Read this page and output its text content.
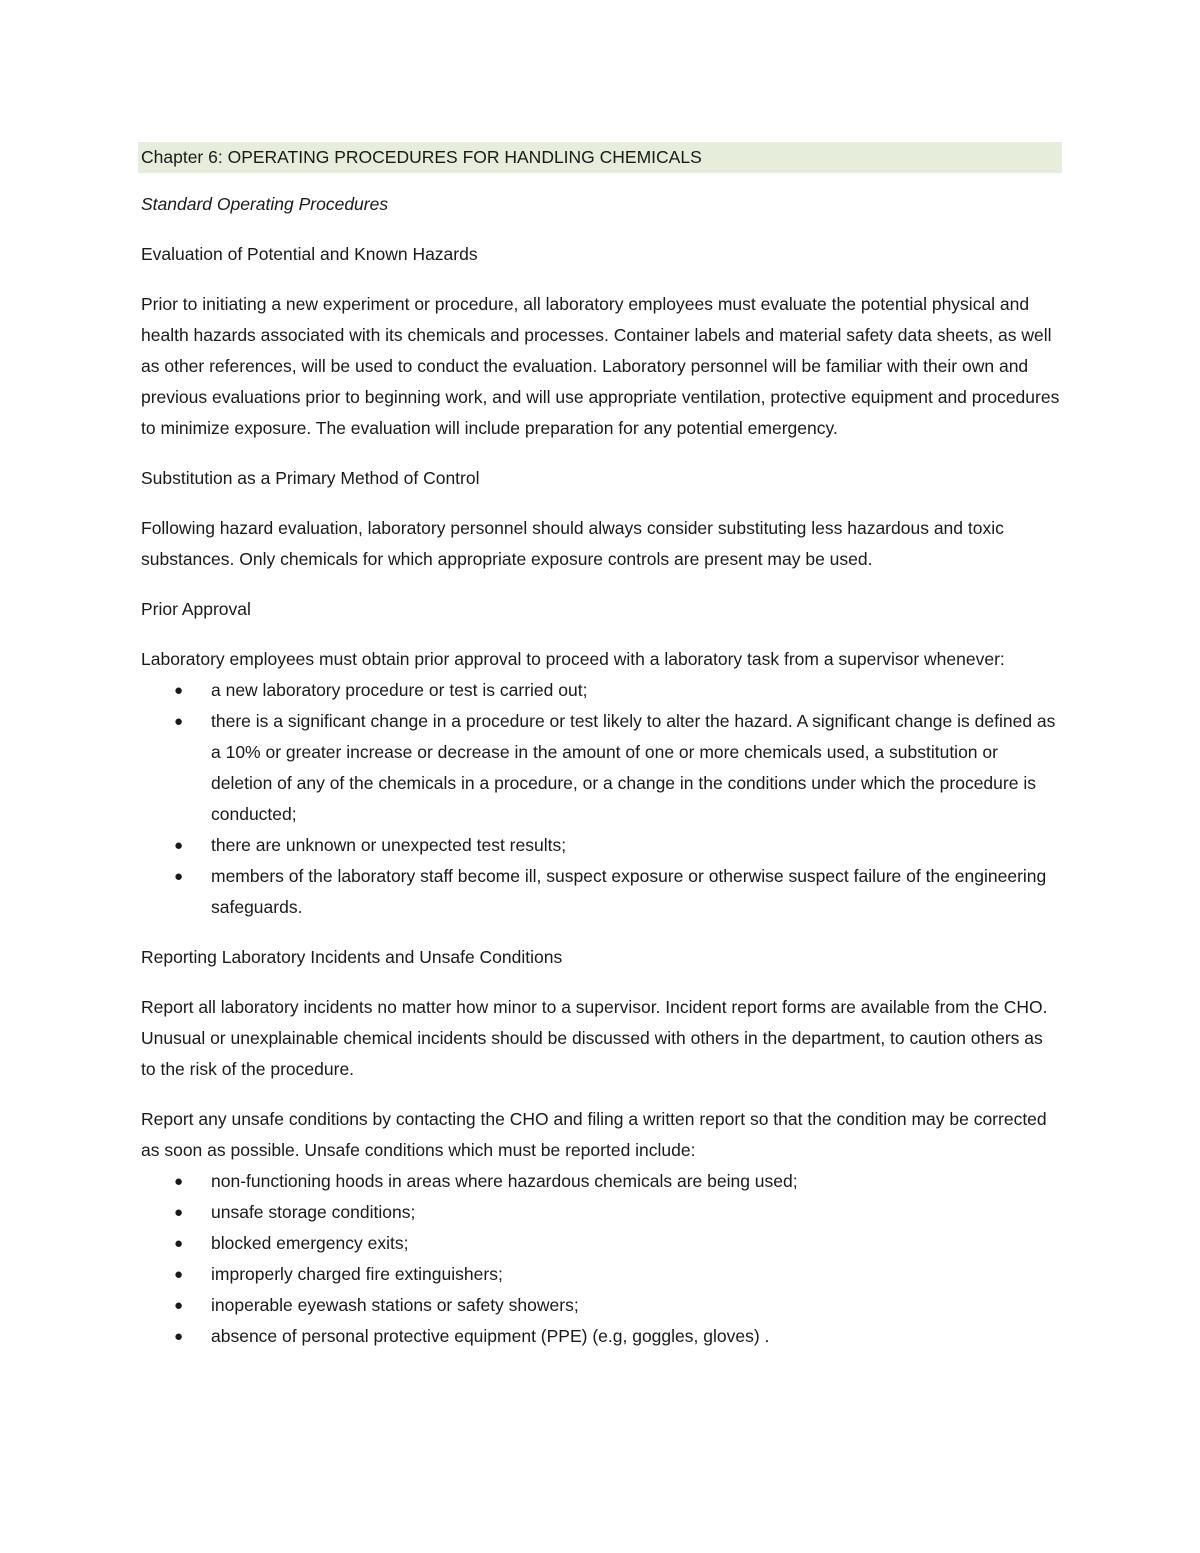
Chapter 6: OPERATING PROCEDURES FOR HANDLING CHEMICALS
Standard Operating Procedures
Evaluation of Potential and Known Hazards
Prior to initiating a new experiment or procedure, all laboratory employees must evaluate the potential physical and health hazards associated with its chemicals and processes. Container labels and material safety data sheets, as well as other references, will be used to conduct the evaluation. Laboratory personnel will be familiar with their own and previous evaluations prior to beginning work, and will use appropriate ventilation, protective equipment and procedures to minimize exposure. The evaluation will include preparation for any potential emergency.
Substitution as a Primary Method of Control
Following hazard evaluation, laboratory personnel should always consider substituting less hazardous and toxic substances. Only chemicals for which appropriate exposure controls are present may be used.
Prior Approval
Laboratory employees must obtain prior approval to proceed with a laboratory task from a supervisor whenever:
● a new laboratory procedure or test is carried out;
● there is a significant change in a procedure or test likely to alter the hazard. A significant change is defined as a 10% or greater increase or decrease in the amount of one or more chemicals used, a substitution or deletion of any of the chemicals in a procedure, or a change in the conditions under which the procedure is conducted;
● there are unknown or unexpected test results;
● members of the laboratory staff become ill, suspect exposure or otherwise suspect failure of the engineering safeguards.
Reporting Laboratory Incidents and Unsafe Conditions
Report all laboratory incidents no matter how minor to a supervisor. Incident report forms are available from the CHO. Unusual or unexplainable chemical incidents should be discussed with others in the department, to caution others as to the risk of the procedure.
Report any unsafe conditions by contacting the CHO and filing a written report so that the condition may be corrected as soon as possible. Unsafe conditions which must be reported include:
● non-functioning hoods in areas where hazardous chemicals are being used;
● unsafe storage conditions;
● blocked emergency exits;
● improperly charged fire extinguishers;
● inoperable eyewash stations or safety showers;
● absence of personal protective equipment (PPE) (e.g, goggles, gloves) .
